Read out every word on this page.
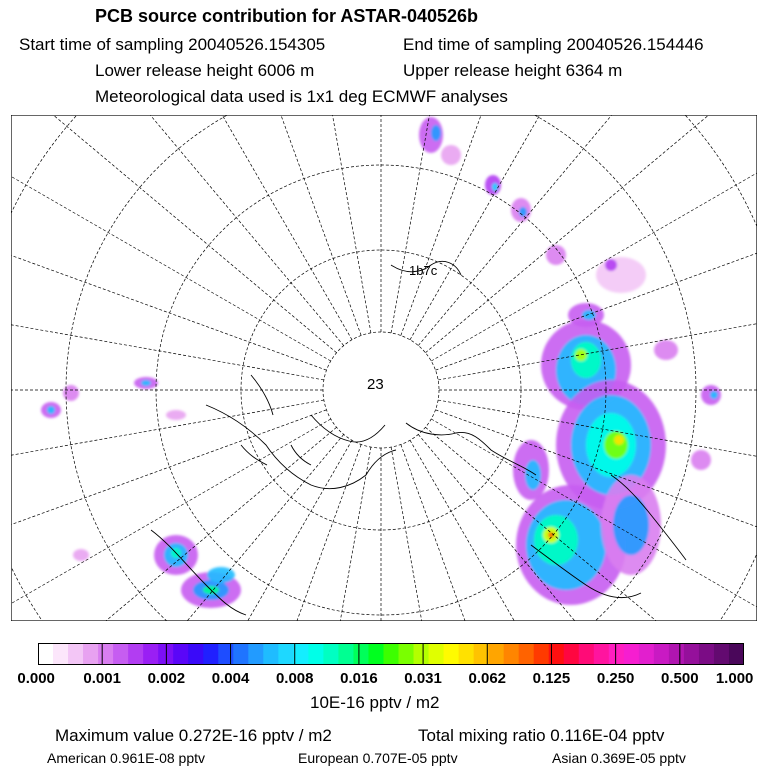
PCB source contribution for ASTAR-040526b
Start time of sampling 20040526.154305	End time of sampling 20040526.154446
Lower release height 6006 m	Upper release height 6364 m
Meteorological data used is 1x1 deg ECMWF analyses
23
1b7c
0.000 0.001 0.002 0.004 0.008 0.016 0.031 0.062 0.125 0.250 0.500 1.000
10E-16 pptv / m2
Maximum value 0.272E-16 pptv / m2	Total mixing ratio 0.116E-04 pptv
American 0.961E-08 pptv	European 0.707E-05 pptv	Asian 0.369E-05 pptv
